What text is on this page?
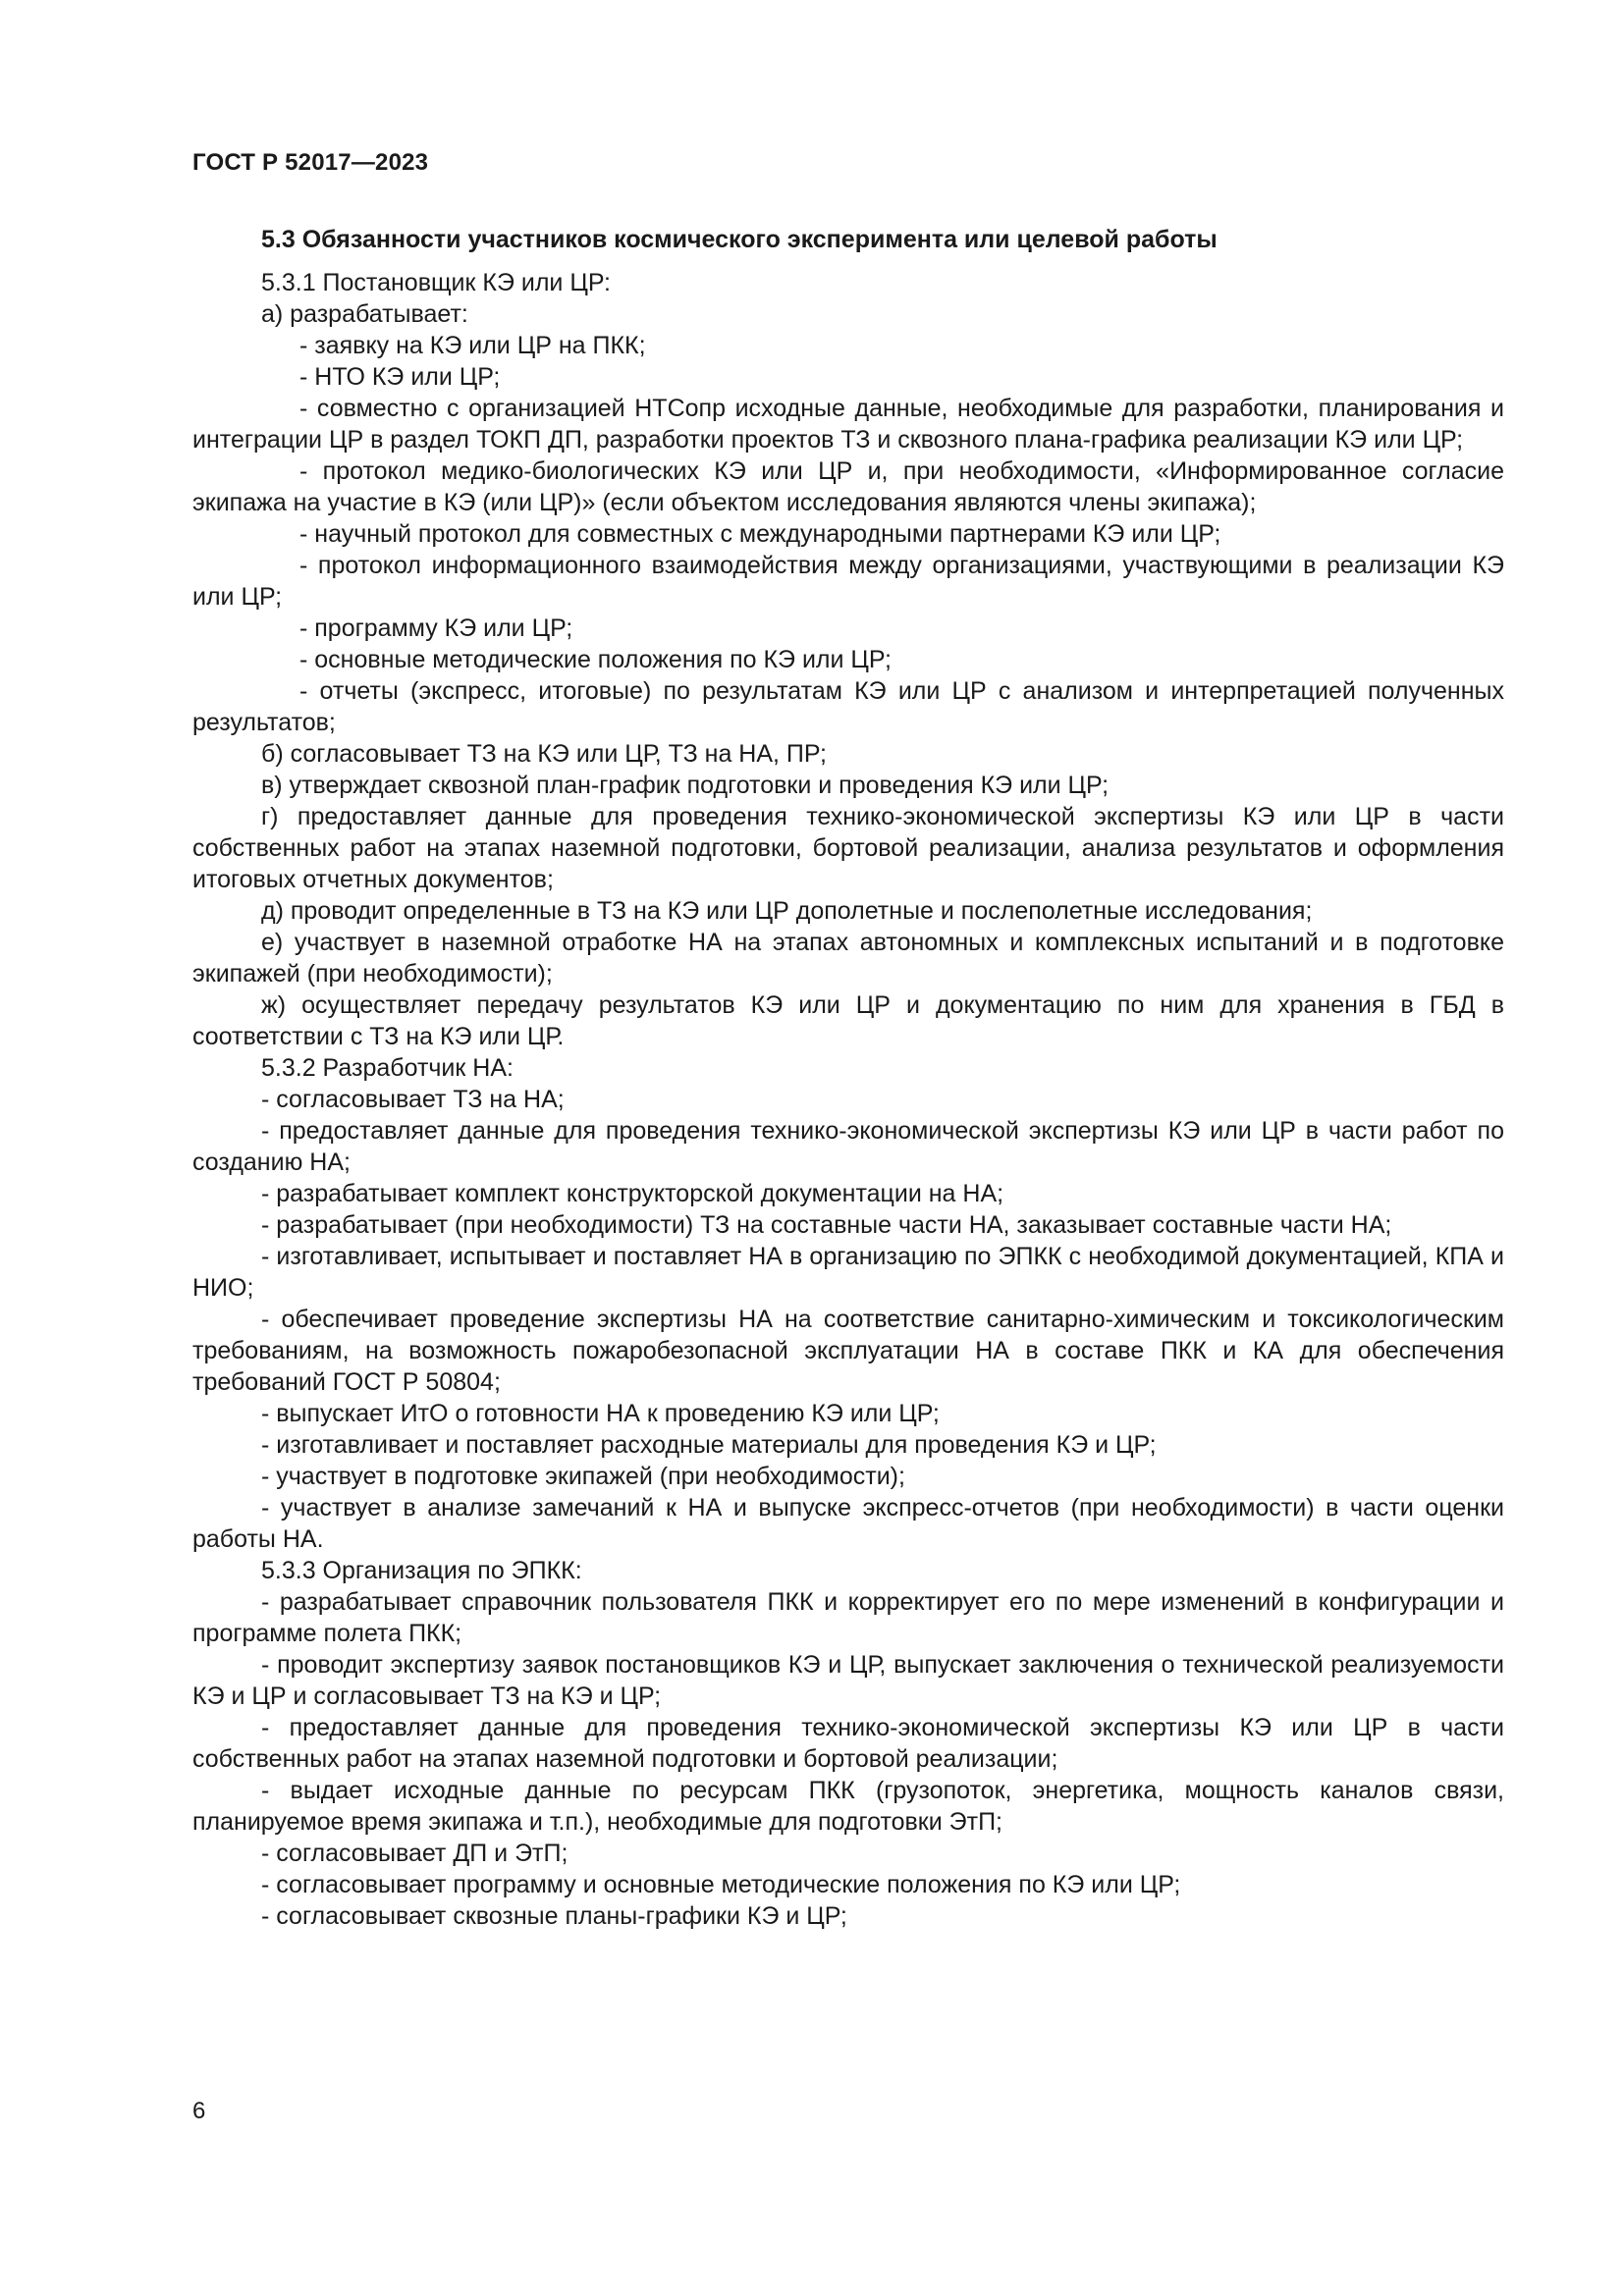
ГОСТ Р 52017—2023
5.3 Обязанности участников космического эксперимента или целевой работы

5.3.1 Постановщик КЭ или ЦР:

а) разрабатывает:

- заявку на КЭ или ЦР на ПКК;

- НТО КЭ или ЦР;

- совместно с организацией НТСопр исходные данные, необходимые для разработки, планирования и интеграции ЦР в раздел ТОКП ДП, разработки проектов ТЗ и сквозного плана-графика реализации КЭ или ЦР;

- протокол медико-биологических КЭ или ЦР и, при необходимости, «Информированное согласие экипажа на участие в КЭ (или ЦР)» (если объектом исследования являются члены экипажа);

- научный протокол для совместных с международными партнерами КЭ или ЦР;

- протокол информационного взаимодействия между организациями, участвующими в реализации КЭ или ЦР;

- программу КЭ или ЦР;

- основные методические положения по КЭ или ЦР;

- отчеты (экспресс, итоговые) по результатам КЭ или ЦР с анализом и интерпретацией полученных результатов;

б) согласовывает ТЗ на КЭ или ЦР, ТЗ на НА, ПР;

в) утверждает сквозной план-график подготовки и проведения КЭ или ЦР;

г) предоставляет данные для проведения технико-экономической экспертизы КЭ или ЦР в части собственных работ на этапах наземной подготовки, бортовой реализации, анализа результатов и оформления итоговых отчетных документов;

д) проводит определенные в ТЗ на КЭ или ЦР дополетные и послеполетные исследования;

е) участвует в наземной отработке НА на этапах автономных и комплексных испытаний и в подготовке экипажей (при необходимости);

ж) осуществляет передачу результатов КЭ или ЦР и документацию по ним для хранения в ГБД в соответствии с ТЗ на КЭ или ЦР.

5.3.2 Разработчик НА:

- согласовывает ТЗ на НА;

- предоставляет данные для проведения технико-экономической экспертизы КЭ или ЦР в части работ по созданию НА;

- разрабатывает комплект конструкторской документации на НА;

- разрабатывает (при необходимости) ТЗ на составные части НА, заказывает составные части НА;

- изготавливает, испытывает и поставляет НА в организацию по ЭПКК с необходимой документацией, КПА и НИО;

- обеспечивает проведение экспертизы НА на соответствие санитарно-химическим и токсикологическим требованиям, на возможность пожаробезопасной эксплуатации НА в составе ПКК и КА для обеспечения требований ГОСТ Р 50804;

- выпускает ИтО о готовности НА к проведению КЭ или ЦР;

- изготавливает и поставляет расходные материалы для проведения КЭ и ЦР;

- участвует в подготовке экипажей (при необходимости);

- участвует в анализе замечаний к НА и выпуске экспресс-отчетов (при необходимости) в части оценки работы НА.

5.3.3 Организация по ЭПКК:

- разрабатывает справочник пользователя ПКК и корректирует его по мере изменений в конфигурации и программе полета ПКК;

- проводит экспертизу заявок постановщиков КЭ и ЦР, выпускает заключения о технической реализуемости КЭ и ЦР и согласовывает ТЗ на КЭ и ЦР;

- предоставляет данные для проведения технико-экономической экспертизы КЭ или ЦР в части собственных работ на этапах наземной подготовки и бортовой реализации;

- выдает исходные данные по ресурсам ПКК (грузопоток, энергетика, мощность каналов связи, планируемое время экипажа и т.п.), необходимые для подготовки ЭтП;

- согласовывает ДП и ЭтП;

- согласовывает программу и основные методические положения по КЭ или ЦР;

- согласовывает сквозные планы-графики КЭ и ЦР;

6
